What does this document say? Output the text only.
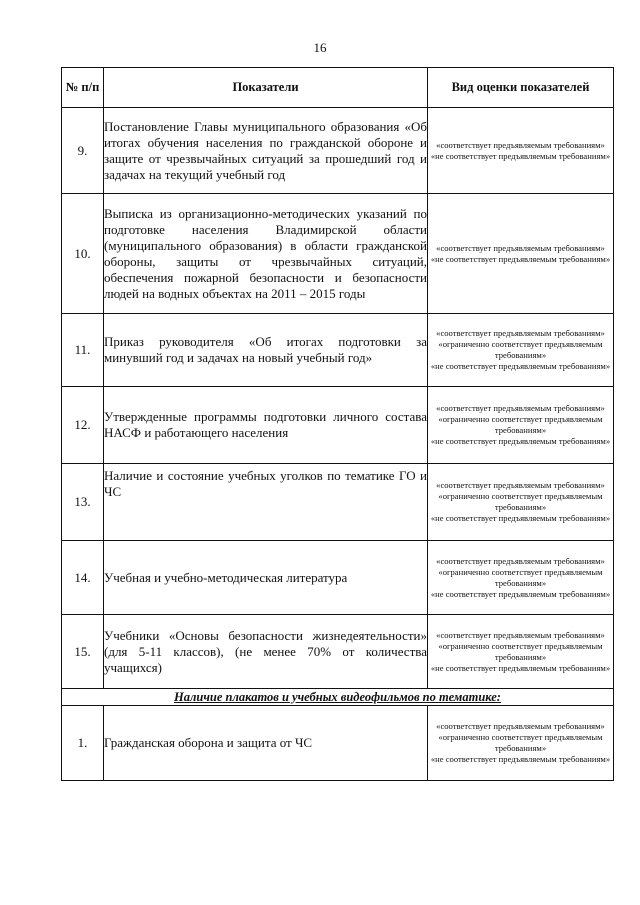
16
№ п/п	Показатели	Вид оценки показателей
9.	Постановление Главы муниципального образования «Об итогах обучения населения по гражданской обороне и защите от чрезвычайных ситуаций за прошедший год и задачах на текущий учебный год	«соответствует предъявляемым требованиям»
«не соответствует предъявляемым требованиям»

10.	Выписка из организационно-методических указаний по подготовке населения Владимирской области (муниципального образования) в области гражданской обороны, защиты от чрезвычайных ситуаций, обеспечения пожарной безопасности и безопасности людей на водных объектах на 2011 – 2015 годы	«соответствует предъявляемым требованиям»
«не соответствует предъявляемым требованиям»

11.	Приказ руководителя «Об итогах подготовки за минувший год и задачах на новый учебный год»	«соответствует предъявляемым требованиям»
«ограниченно соответствует предъявляемым требованиям»
«не соответствует предъявляемым требованиям»

12.	Утвержденные программы подготовки личного состава НАСФ и работающего населения	«соответствует предъявляемым требованиям»
«ограниченно соответствует предъявляемым требованиям»
«не соответствует предъявляемым требованиям»

13.	Наличие и состояние учебных уголков по тематике ГО и ЧС	«соответствует предъявляемым требованиям»
«ограниченно соответствует предъявляемым требованиям»
«не соответствует предъявляемым требованиям»

14.	Учебная и учебно-методическая литература	«соответствует предъявляемым требованиям»
«ограниченно соответствует предъявляемым требованиям»
«не соответствует предъявляемым требованиям»

15.	Учебники «Основы безопасности жизнедеятельности» (для 5-11 классов), (не менее 70% от количества учащихся)	«соответствует предъявляемым требованиям»
«ограниченно соответствует предъявляемым требованиям»
«не соответствует предъявляемым требованиям»

Наличие плакатов и учебных видеофильмов по тематике:		
1.	Гражданская оборона и защита от ЧС	«соответствует предъявляемым требованиям»
«ограниченно соответствует предъявляемым требованиям»
«не соответствует предъявляемым требованиям»
